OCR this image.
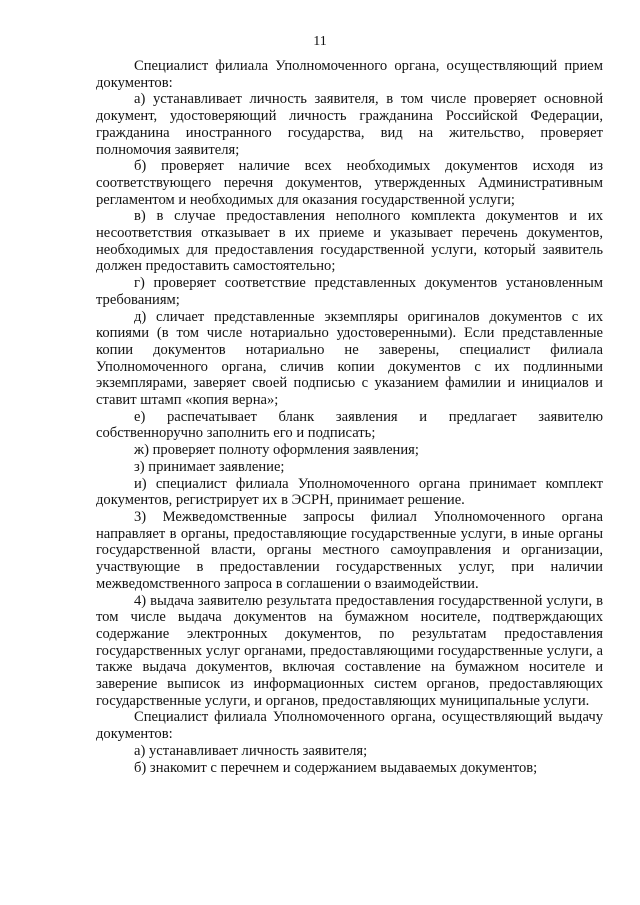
11

Специалист филиала Уполномоченного органа, осуществляющий прием документов:

а) устанавливает личность заявителя, в том числе проверяет основной документ, удостоверяющий личность гражданина Российской Федерации, гражданина иностранного государства, вид на жительство, проверяет полномочия заявителя;

б) проверяет наличие всех необходимых документов исходя из соответствующего перечня документов, утвержденных Административным регламентом и необходимых для оказания государственной услуги;

в) в случае предоставления неполного комплекта документов и их несоответствия отказывает в их приеме и указывает перечень документов, необходимых для предоставления государственной услуги, который заявитель должен предоставить самостоятельно;

г) проверяет соответствие представленных документов установленным требованиям;

д) сличает представленные экземпляры оригиналов документов с их копиями (в том числе нотариально удостоверенными). Если представленные копии документов нотариально не заверены, специалист филиала Уполномоченного органа, сличив копии документов с их подлинными экземплярами, заверяет своей подписью с указанием фамилии и инициалов и ставит штамп «копия верна»;

е) распечатывает бланк заявления и предлагает заявителю собственноручно заполнить его и подписать;

ж) проверяет полноту оформления заявления;

з) принимает заявление;

и) специалист филиала Уполномоченного органа принимает комплект документов, регистрирует их в ЭСРН, принимает решение.

3) Межведомственные запросы филиал Уполномоченного органа направляет в органы, предоставляющие государственные услуги, в иные органы государственной власти, органы местного самоуправления и организации, участвующие в предоставлении государственных услуг, при наличии межведомственного запроса в соглашении о взаимодействии.

4) выдача заявителю результата предоставления государственной услуги, в том числе выдача документов на бумажном носителе, подтверждающих содержание электронных документов, по результатам предоставления государственных услуг органами, предоставляющими государственные услуги, а также выдача документов, включая составление на бумажном носителе и заверение выписок из информационных систем органов, предоставляющих государственные услуги, и органов, предоставляющих муниципальные услуги.

Специалист филиала Уполномоченного органа, осуществляющий выдачу документов:

а) устанавливает личность заявителя;

б) знакомит с перечнем и содержанием выдаваемых документов;
